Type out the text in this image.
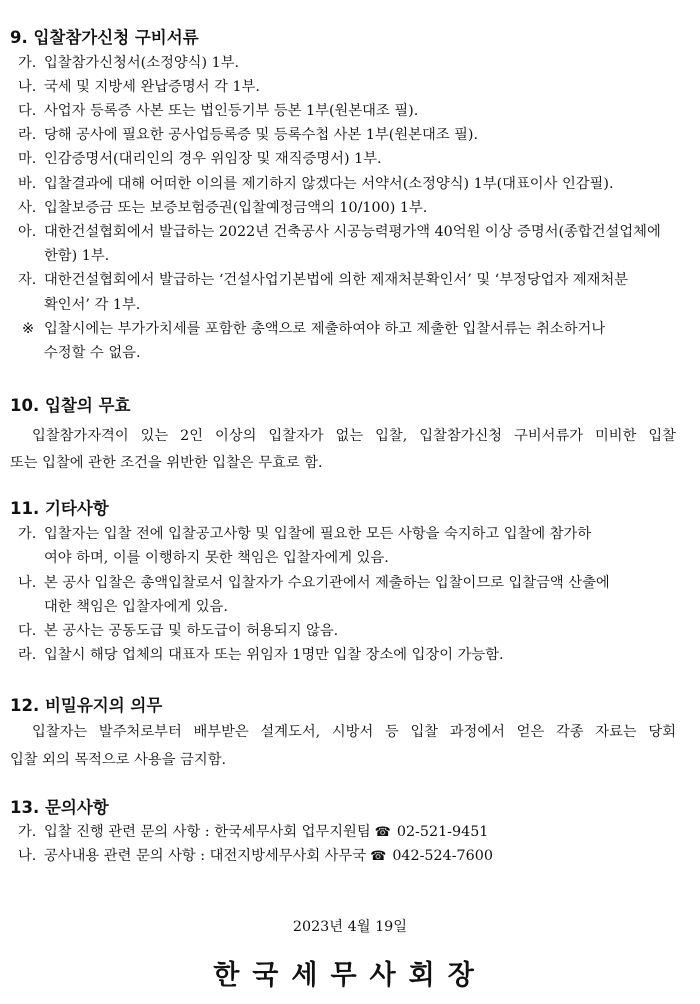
9. 입찰참가신청 구비서류
가. 입찰참가신청서(소정양식) 1부.
나. 국세 및 지방세 완납증명서 각 1부.
다. 사업자 등록증 사본 또는 법인등기부 등본 1부(원본대조 필).
라. 당해 공사에 필요한 공사업등록증 및 등록수첩 사본 1부(원본대조 필).
마. 인감증명서(대리인의 경우 위임장 및 재직증명서) 1부.
바. 입찰결과에 대해 어떠한 이의를 제기하지 않겠다는 서약서(소정양식) 1부(대표이사 인감필).
사. 입찰보증금 또는 보증보험증권(입찰예정금액의 10/100) 1부.
아. 대한건설협회에서 발급하는 2022년 건축공사 시공능력평가액 40억원 이상 증명서(종합건설업체에
한함) 1부.
자. 대한건설협회에서 발급하는 ‘건설사업기본법에 의한 제재처분확인서’ 및 ‘부정당업자 제재처분
확인서’ 각 1부.
※ 입찰시에는 부가가치세를 포함한 총액으로 제출하여야 하고 제출한 입찰서류는 취소하거나
수정할 수 없음.
10. 입찰의 무효
입찰참가자격이 있는 2인 이상의 입찰자가 없는 입찰, 입찰참가신청 구비서류가 미비한 입찰
또는 입찰에 관한 조건을 위반한 입찰은 무효로 함.
11. 기타사항
가. 입찰자는 입찰 전에 입찰공고사항 및 입찰에 필요한 모든 사항을 숙지하고 입찰에 참가하
여야 하며, 이를 이행하지 못한 책임은 입찰자에게 있음.
나. 본 공사 입찰은 총액입찰로서 입찰자가 수요기관에서 제출하는 입찰이므로 입찰금액 산출에
대한 책임은 입찰자에게 있음.
다. 본 공사는 공동도급 및 하도급이 허용되지 않음.
라. 입찰시 해당 업체의 대표자 또는 위임자 1명만 입찰 장소에 입장이 가능함.
12. 비밀유지의 의무
입찰자는 발주처로부터 배부받은 설계도서, 시방서 등 입찰 과정에서 얻은 각종 자료는 당회
입찰 외의 목적으로 사용을 금지함.
13. 문의사항
가. 입찰 진행 관련 문의 사항 : 한국세무사회 업무지원팀 ☎ 02-521-9451
나. 공사내용 관련 문의 사항 : 대전지방세무사회 사무국 ☎ 042-524-7600
2023년 4월 19일
한국세무사회장
